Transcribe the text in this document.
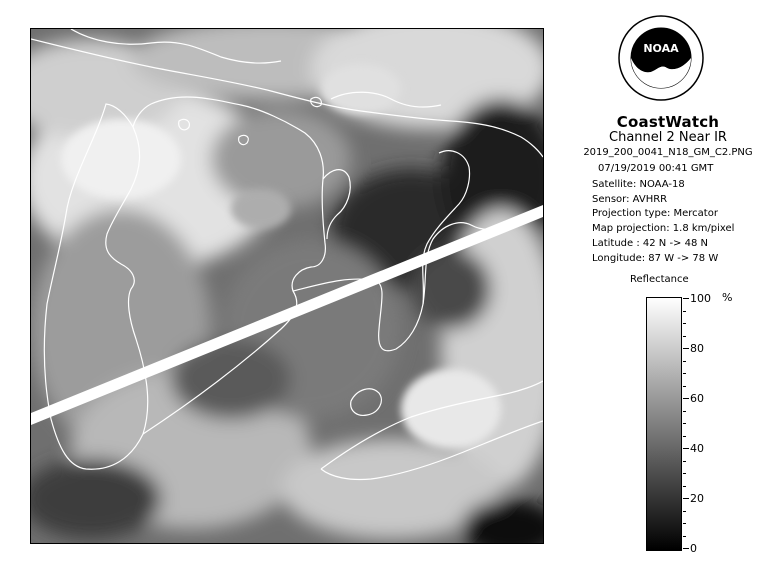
NOAA
CoastWatch
Channel 2 Near IR
2019_200_0041_N18_GM_C2.PNG
07/19/2019 00:41 GMT
Satellite: NOAA-18
Sensor: AVHRR
Projection type: Mercator
Map projection: 1.8 km/pixel
Latitude : 42 N -> 48 N
Longitude: 87 W -> 78 W
Reflectance
%
100
80
60
40
20
0
